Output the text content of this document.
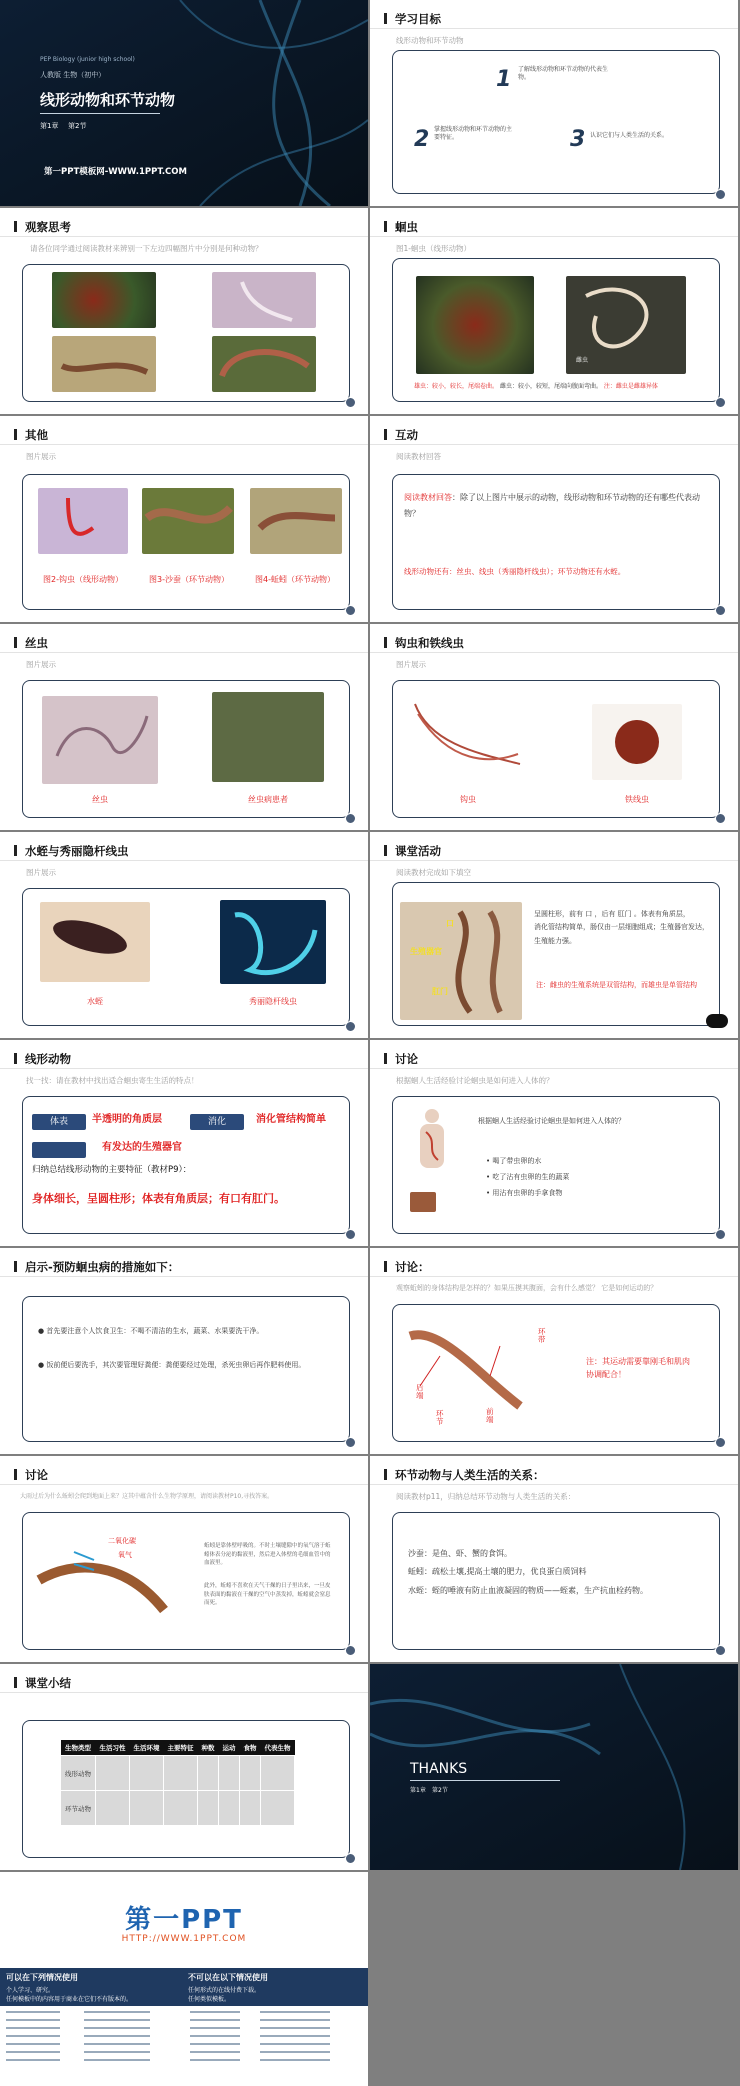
PEP Biology (junior high school)
人教版 生物（初中）
线形动物和环节动物
第1章 第2节
第一PPT模板网-WWW.1PPT.COM
学习目标
线形动物和环节动物
1 了解线形动物和环节动物的代表生物。
2 掌握线形动物和环节动物的主要特征。	3 认识它们与人类生活的关系。
观察思考
请各位同学通过阅读教材来辨别一下左边四幅图片中分别是何种动物？
蛔虫
图1-蛔虫（线形动物）
雌虫
雄虫：较小，较长，尾端卷曲。 雌虫：较小，较短，尾端向腹面弯曲。 注：雌虫是雌雄异体
其他
图片展示
图2-钩虫（线形动物）	图3-沙蚕（环节动物）	图4-蚯蚓（环节动物）
互动
阅读教材回答
阅读教材回答：除了以上图片中展示的动物，线形动物和环节动物的还有哪些代表动物？
线形动物还有：丝虫、线虫（秀丽隐杆线虫）；环节动物还有水蛭。
丝虫
图片展示
丝虫	丝虫病患者
钩虫和铁线虫
图片展示
钩虫	铁线虫
水蛭与秀丽隐杆线虫
图片展示
水蛭	秀丽隐杆线虫
课堂活动
阅读教材完成如下填空
口
生殖器官
肛门
呈圆柱形，前有 口 ，后有 肛门 。体表有角质层，
消化管结构简单，肠仅由一层细胞组成；生殖器官发达，生殖能力强。
注：雌虫的生殖系统是双管结构，而雄虫是单管结构
线形动物
找一找：请在教材中找出适合蛔虫寄生生活的特点！
体表	半透明的角质层	消化	消化管结构简单
有发达的生殖器官
归纳总结线形动物的主要特征（教材P9）：
身体细长，呈圆柱形；体表有角质层；有口有肛门。
讨论
根据蛔人生活经验讨论蛔虫是如何进入人体的？
根据蛔人生活经验讨论蛔虫是如何进入人体的？
• 喝了带虫卵的水
• 吃了沾有虫卵的生的蔬菜
• 用沾有虫卵的手拿食物
启示-预防蛔虫病的措施如下：
● 首先要注意个人饮食卫生：不喝不清洁的生水，蔬菜、水果要洗干净。
● 饭前便后要洗手，其次要管理好粪便：粪便要经过处理，杀死虫卵后再作肥料使用。
讨论：
观察蚯蚓的身体结构是怎样的？如果压摸其腹面，会有什么感觉？ 它是如何运动的？
环带
后端
环节
前端
注：其运动需要靠刚毛和肌肉协调配合！
讨论
大雨过后为什么蚯蚓会爬到地面上来？这其中蕴含什么生物学原理，请阅读教材P10,寻找答案。
二氧化碳
氧气
蚯蚓是靠体壁呼吸的。不时土壤缝隙中的氧气溶于蚯蚓体表分泌的黏液里，然后进入体壁的毛细血管中的血液里。
此外，蚯蚓不喜欢在天气干燥的日子里出来，一旦皮肤表面的黏液在干燥的空气中蒸发掉，蚯蚓就会窒息而死。
环节动物与人类生活的关系：
阅读教材p11，归纳总结环节动物与人类生活的关系：
沙蚕：是鱼、虾、蟹的食饵。
蚯蚓：疏松土壤,提高土壤的肥力，优良蛋白质饲料
水蛭：蛭的唾液有防止血液凝固的物质——蛭素，生产抗血栓药物。
课堂小结
生物类型	生活习性	生活环境	主要特征	种数	运动	食物	代表生物
线形动物							
环节动物							
THANKS
第1章 第2节
第一PPT
HTTP://WWW.1PPT.COM
可以在下列情况使用
个人学习、研究。
任何模板中的内容用于商业在它们不有版本的。
不可以在以下情况使用
任何形式的在线付费下载。
任何类似模板。
